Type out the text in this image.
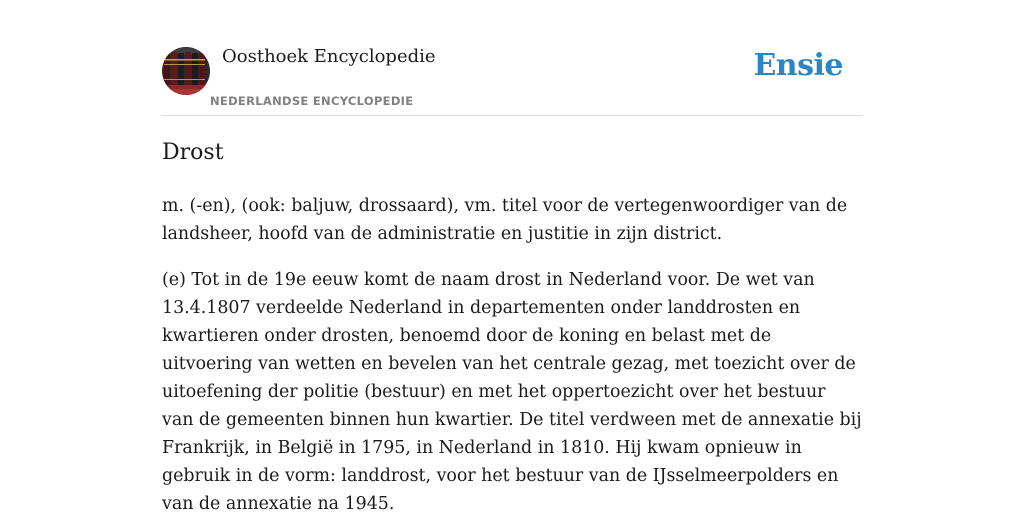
Oosthoek Encyclopedie
NEDERLANDSE ENCYCLOPEDIE
Ensie
Drost

m. (-en), (ook: baljuw, drossaard), vm. titel voor de vertegenwoordiger van de landsheer, hoofd van de administratie en justitie in zijn district.

(e) Tot in de 19e eeuw komt de naam drost in Nederland voor. De wet van 13.4.1807 verdeelde Nederland in departementen onder landdrosten en kwartieren onder drosten, benoemd door de koning en belast met de uitvoering van wetten en bevelen van het centrale gezag, met toezicht over de uitoefening der politie (bestuur) en met het oppertoezicht over het bestuur van de gemeenten binnen hun kwartier. De titel verdween met de annexatie bij Frankrijk, in België in 1795, in Nederland in 1810. Hij kwam opnieuw in gebruik in de vorm: landdrost, voor het bestuur van de IJsselmeerpolders en van de annexatie na 1945.
